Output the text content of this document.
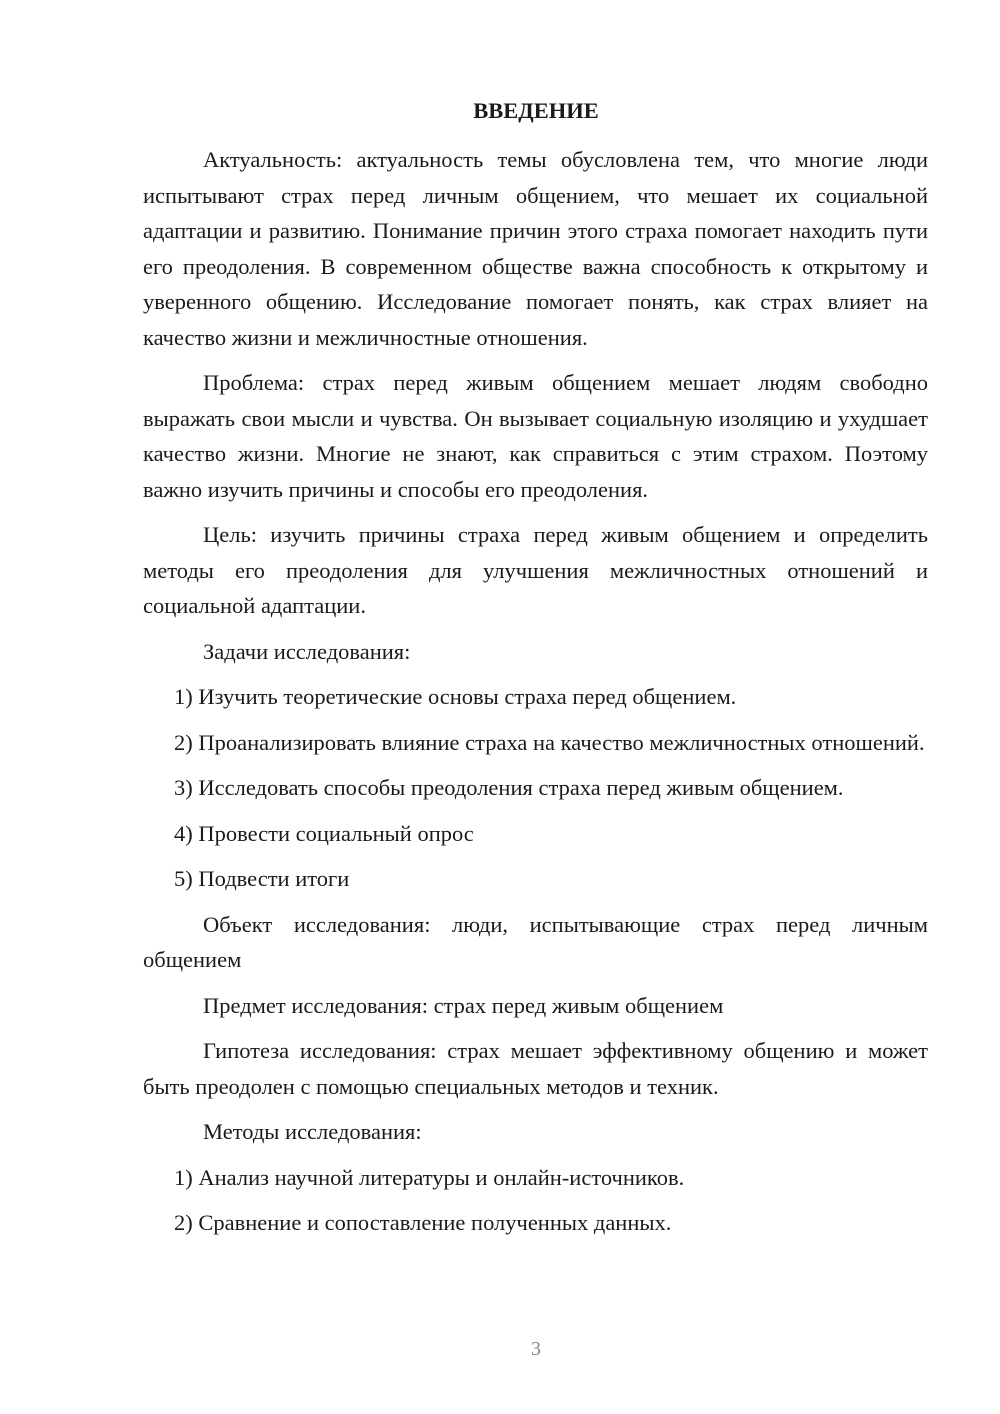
ВВЕДЕНИЕ

Актуальность: актуальность темы обусловлена тем, что многие люди испытывают страх перед личным общением, что мешает их социальной адаптации и развитию. Понимание причин этого страха помогает находить пути его преодоления. В современном обществе важна способность к открытому и уверенного общению. Исследование помогает понять, как страх влияет на качество жизни и межличностные отношения.

Проблема: страх перед живым общением мешает людям свободно выражать свои мысли и чувства. Он вызывает социальную изоляцию и ухудшает качество жизни. Многие не знают, как справиться с этим страхом. Поэтому важно изучить причины и способы его преодоления.

Цель: изучить причины страха перед живым общением и определить методы его преодоления для улучшения межличностных отношений и социальной адаптации.

Задачи исследования:

1) Изучить теоретические основы страха перед общением.

2) Проанализировать влияние страха на качество межличностных отношений.

3) Исследовать способы преодоления страха перед живым общением.

4) Провести социальный опрос

5) Подвести итоги

Объект исследования: люди, испытывающие страх перед личным общением

Предмет исследования: страх перед живым общением

Гипотеза исследования: страх мешает эффективному общению и может быть преодолен с помощью специальных методов и техник.

Методы исследования:

1) Анализ научной литературы и онлайн-источников.

2) Сравнение и сопоставление полученных данных.

3
